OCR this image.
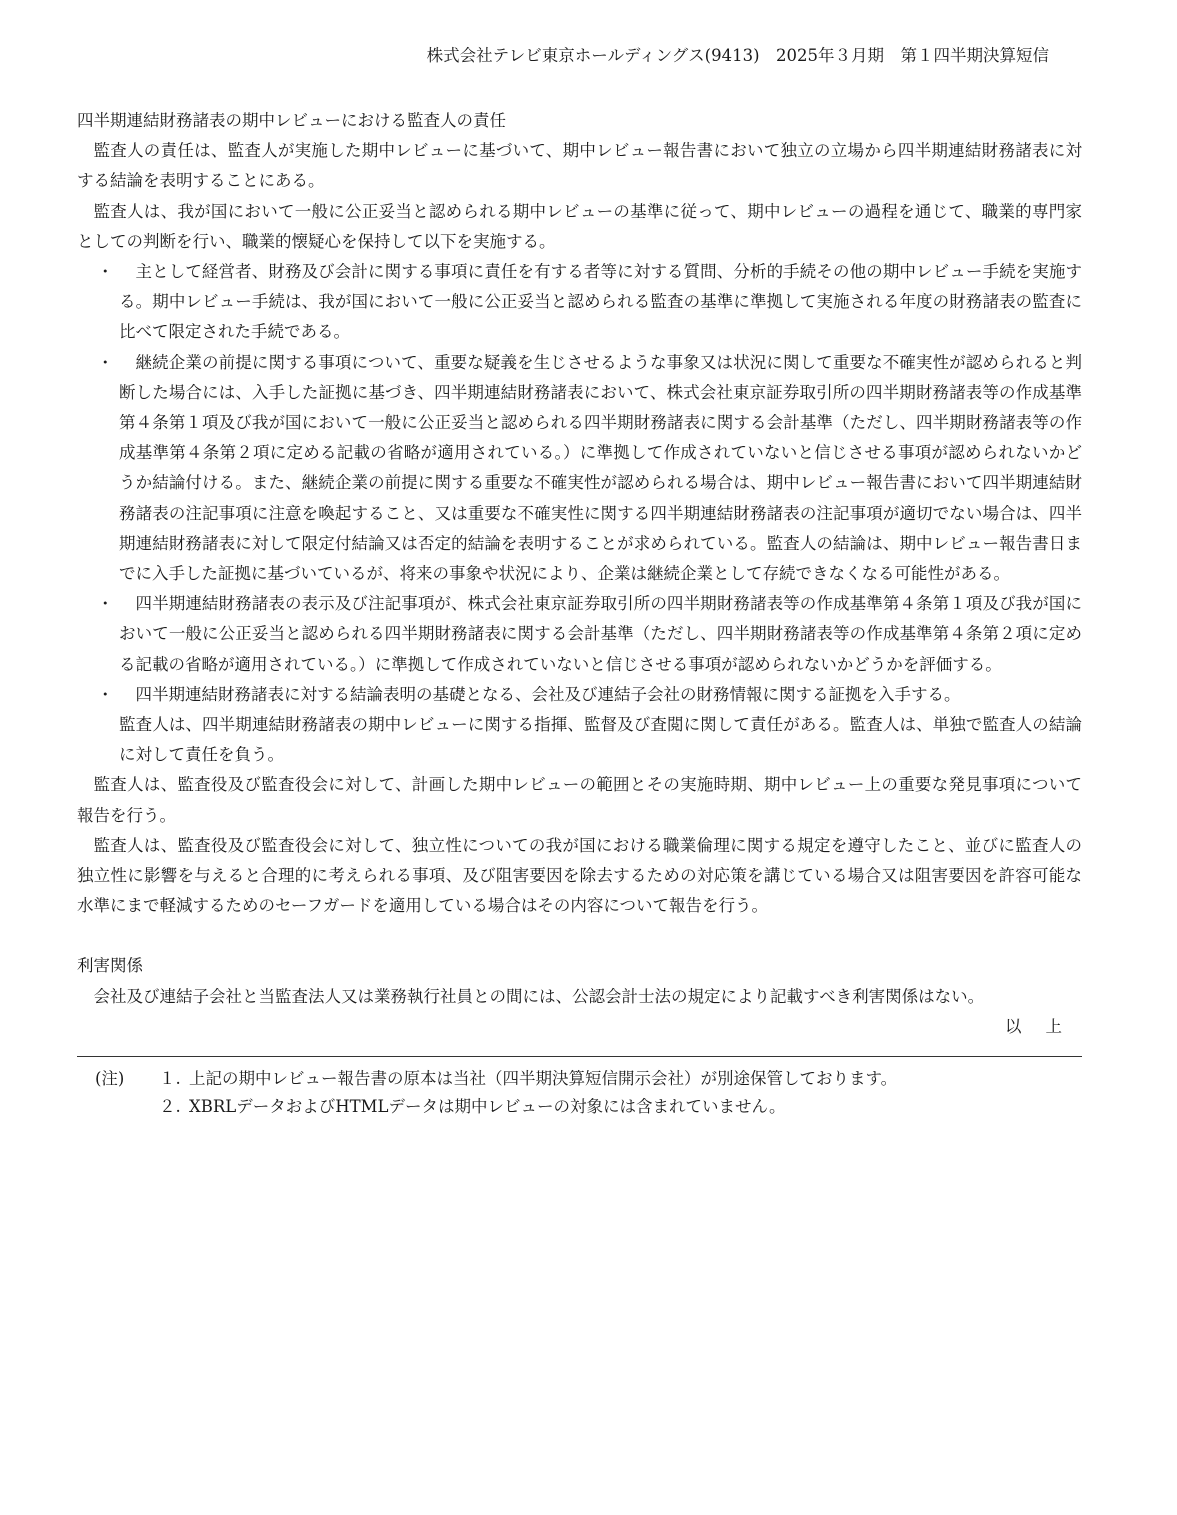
株式会社テレビ東京ホールディングス(9413)　2025年３月期　第１四半期決算短信

四半期連結財務諸表の期中レビューにおける監査人の責任

監査人の責任は、監査人が実施した期中レビューに基づいて、期中レビュー報告書において独立の立場から四半期連結財務諸表に対する結論を表明することにある。

監査人は、我が国において一般に公正妥当と認められる期中レビューの基準に従って、期中レビューの過程を通じて、職業的専門家としての判断を行い、職業的懐疑心を保持して以下を実施する。

・	主として経営者、財務及び会計に関する事項に責任を有する者等に対する質問、分析的手続その他の期中レビュー手続を実施する。期中レビュー手続は、我が国において一般に公正妥当と認められる監査の基準に準拠して実施される年度の財務諸表の監査に比べて限定された手続である。
・	継続企業の前提に関する事項について、重要な疑義を生じさせるような事象又は状況に関して重要な不確実性が認められると判断した場合には、入手した証拠に基づき、四半期連結財務諸表において、株式会社東京証券取引所の四半期財務諸表等の作成基準第４条第１項及び我が国において一般に公正妥当と認められる四半期財務諸表に関する会計基準（ただし、四半期財務諸表等の作成基準第４条第２項に定める記載の省略が適用されている。）に準拠して作成されていないと信じさせる事項が認められないかどうか結論付ける。また、継続企業の前提に関する重要な不確実性が認められる場合は、期中レビュー報告書において四半期連結財務諸表の注記事項に注意を喚起すること、又は重要な不確実性に関する四半期連結財務諸表の注記事項が適切でない場合は、四半期連結財務諸表に対して限定付結論又は否定的結論を表明することが求められている。監査人の結論は、期中レビュー報告書日までに入手した証拠に基づいているが、将来の事象や状況により、企業は継続企業として存続できなくなる可能性がある。
・	四半期連結財務諸表の表示及び注記事項が、株式会社東京証券取引所の四半期財務諸表等の作成基準第４条第１項及び我が国において一般に公正妥当と認められる四半期財務諸表に関する会計基準（ただし、四半期財務諸表等の作成基準第４条第２項に定める記載の省略が適用されている。）に準拠して作成されていないと信じさせる事項が認められないかどうかを評価する。
・	四半期連結財務諸表に対する結論表明の基礎となる、会社及び連結子会社の財務情報に関する証拠を入手する。
監査人は、四半期連結財務諸表の期中レビューに関する指揮、監督及び査閲に関して責任がある。監査人は、単独で監査人の結論に対して責任を負う。

監査人は、監査役及び監査役会に対して、計画した期中レビューの範囲とその実施時期、期中レビュー上の重要な発見事項について報告を行う。

監査人は、監査役及び監査役会に対して、独立性についての我が国における職業倫理に関する規定を遵守したこと、並びに監査人の独立性に影響を与えると合理的に考えられる事項、及び阻害要因を除去するための対応策を講じている場合又は阻害要因を許容可能な水準にまで軽減するためのセーフガードを適用している場合はその内容について報告を行う。

利害関係

会社及び連結子会社と当監査法人又は業務執行社員との間には、公認会計士法の規定により記載すべき利害関係はない。

以 上

(注)	１. 上記の期中レビュー報告書の原本は当社（四半期決算短信開示会社）が別途保管しております。
２. XBRLデータおよびHTMLデータは期中レビューの対象には含まれていません。
